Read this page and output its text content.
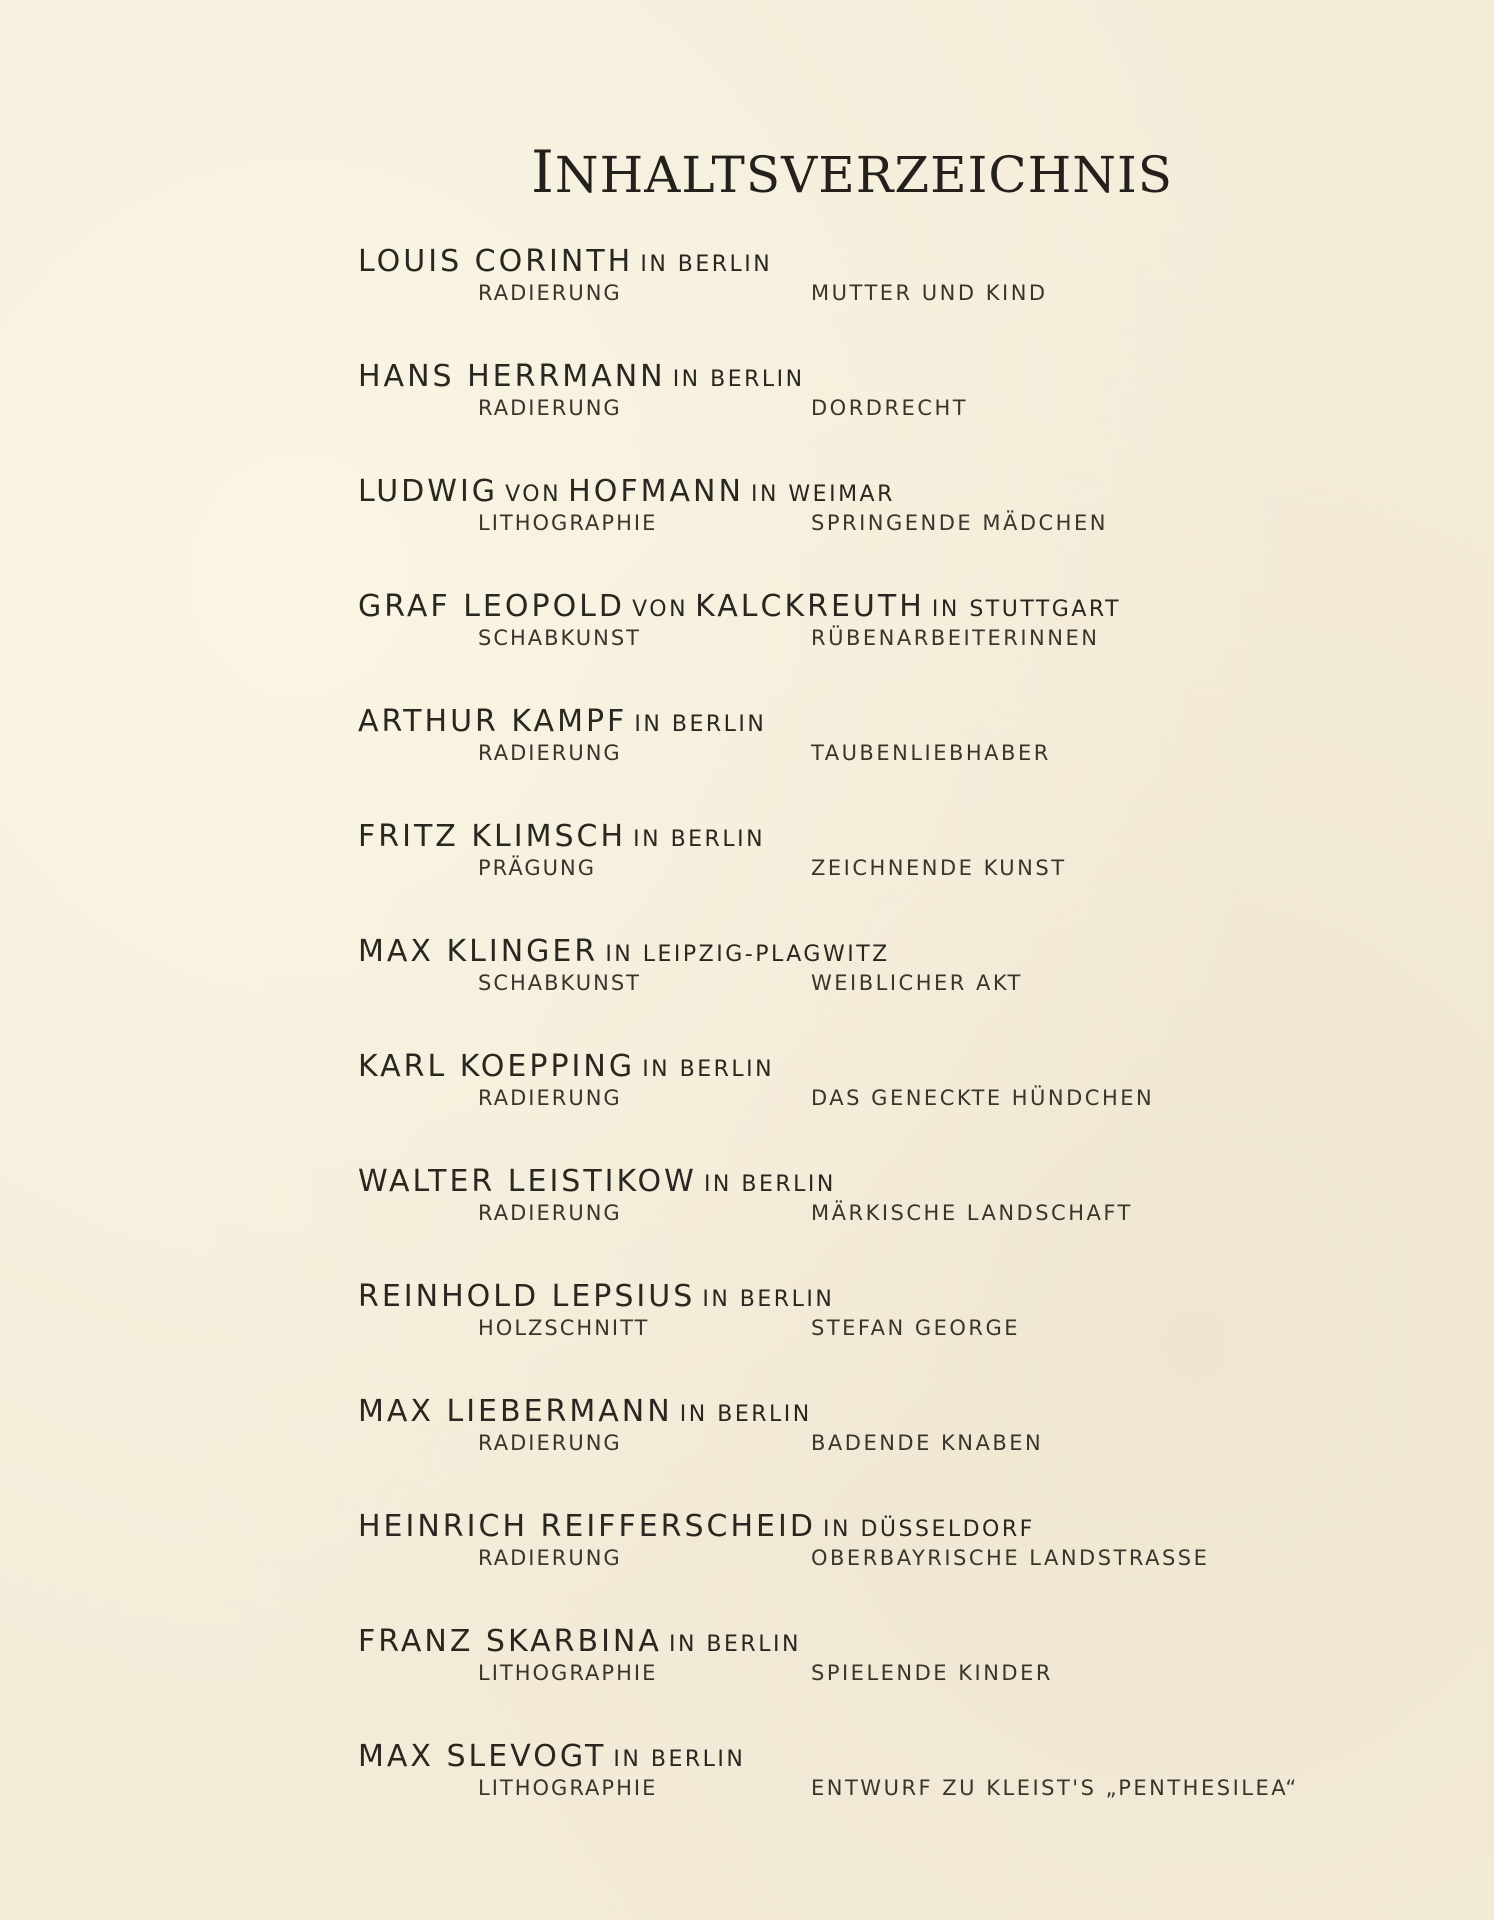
INHALTSVERZEICHNIS
LOUIS CORINTH IN BERLIN
RADIERUNG	MUTTER UND KIND
HANS HERRMANN IN BERLIN
RADIERUNG	DORDRECHT
LUDWIG VON HOFMANN IN WEIMAR
LITHOGRAPHIE	SPRINGENDE MÄDCHEN
GRAF LEOPOLD VON KALCKREUTH IN STUTTGART
SCHABKUNST	RÜBENARBEITERINNEN
ARTHUR KAMPF IN BERLIN
RADIERUNG	TAUBENLIEBHABER
FRITZ KLIMSCH IN BERLIN
PRÄGUNG	ZEICHNENDE KUNST
MAX KLINGER IN LEIPZIG-PLAGWITZ
SCHABKUNST	WEIBLICHER AKT
KARL KOEPPING IN BERLIN
RADIERUNG	DAS GENECKTE HÜNDCHEN
WALTER LEISTIKOW IN BERLIN
RADIERUNG	MÄRKISCHE LANDSCHAFT
REINHOLD LEPSIUS IN BERLIN
HOLZSCHNITT	STEFAN GEORGE
MAX LIEBERMANN IN BERLIN
RADIERUNG	BADENDE KNABEN
HEINRICH REIFFERSCHEID IN DÜSSELDORF
RADIERUNG	OBERBAYRISCHE LANDSTRASSE
FRANZ SKARBINA IN BERLIN
LITHOGRAPHIE	SPIELENDE KINDER
MAX SLEVOGT IN BERLIN
LITHOGRAPHIE	ENTWURF ZU KLEIST'S „PENTHESILEA“
